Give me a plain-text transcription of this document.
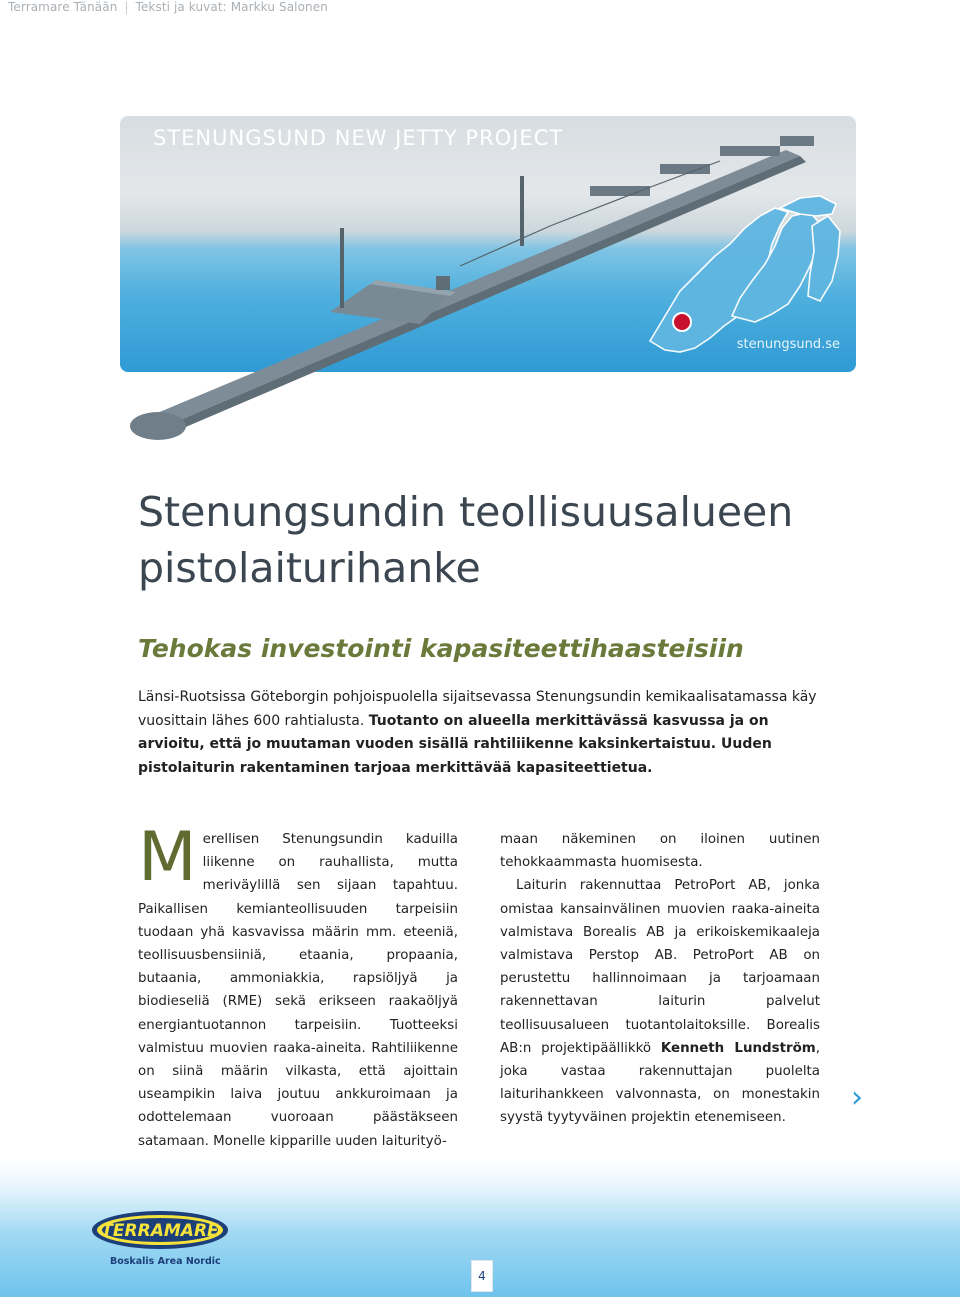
Terramare Tänään | Teksti ja kuvat: Markku Salonen
STENUNGSUND NEW JETTY PROJECT
stenungsund.se
Stenungsundin teollisuusalueen
pistolaiturihanke
Tehokas investointi kapasiteettihaasteisiin

Länsi-Ruotsissa Göteborgin pohjoispuolella sijaitsevassa Stenungsundin kemikaalisatamassa käy vuosittain lähes 600 rahtialusta. Tuotanto on alueella merkittävässä kasvussa ja on arvioitu, että jo muutaman vuoden sisällä rahtiliikenne kaksinkertaistuu. Uuden pistolaiturin rakentaminen tarjoaa merkittävää kapasiteettietua.

Merellisen Stenungsundin kaduilla liikenne on rauhallista, mutta meriväylillä sen sijaan tapahtuu. Paikallisen kemianteollisuuden tarpeisiin tuodaan yhä kasvavissa määrin mm. eteeniä, teollisuusbensiiniä, etaania, propaania, butaania, ammoniakkia, rapsiöljyä ja biodieseliä (RME) sekä erikseen raakaöljyä energiantuotannon tarpeisiin. Tuotteeksi valmistuu muovien raaka-aineita. Rahtiliikenne on siinä määrin vilkasta, että ajoittain useampikin laiva joutuu ankkuroimaan ja odottelemaan vuoroaan päästäkseen satamaan. Monelle kipparille uuden laiturityö-

maan näkeminen on iloinen uutinen tehokkaammasta huomisesta.

Laiturin rakennuttaa PetroPort AB, jonka omistaa kansainvälinen muovien raaka-aineita valmistava Borealis AB ja erikoiskemikaaleja valmistava Perstop AB. PetroPort AB on perustettu hallinnoimaan ja tarjoamaan rakennettavan laiturin palvelut teollisuusalueen tuotantolaitoksille. Borealis AB:n projektipäällikkö Kenneth Lundström, joka vastaa rakennuttajan puolelta laiturihankkeen valvonnasta, on monestakin syystä tyytyväinen projektin etenemiseen.

›
TERRAMARE
Boskalis Area Nordic
4
